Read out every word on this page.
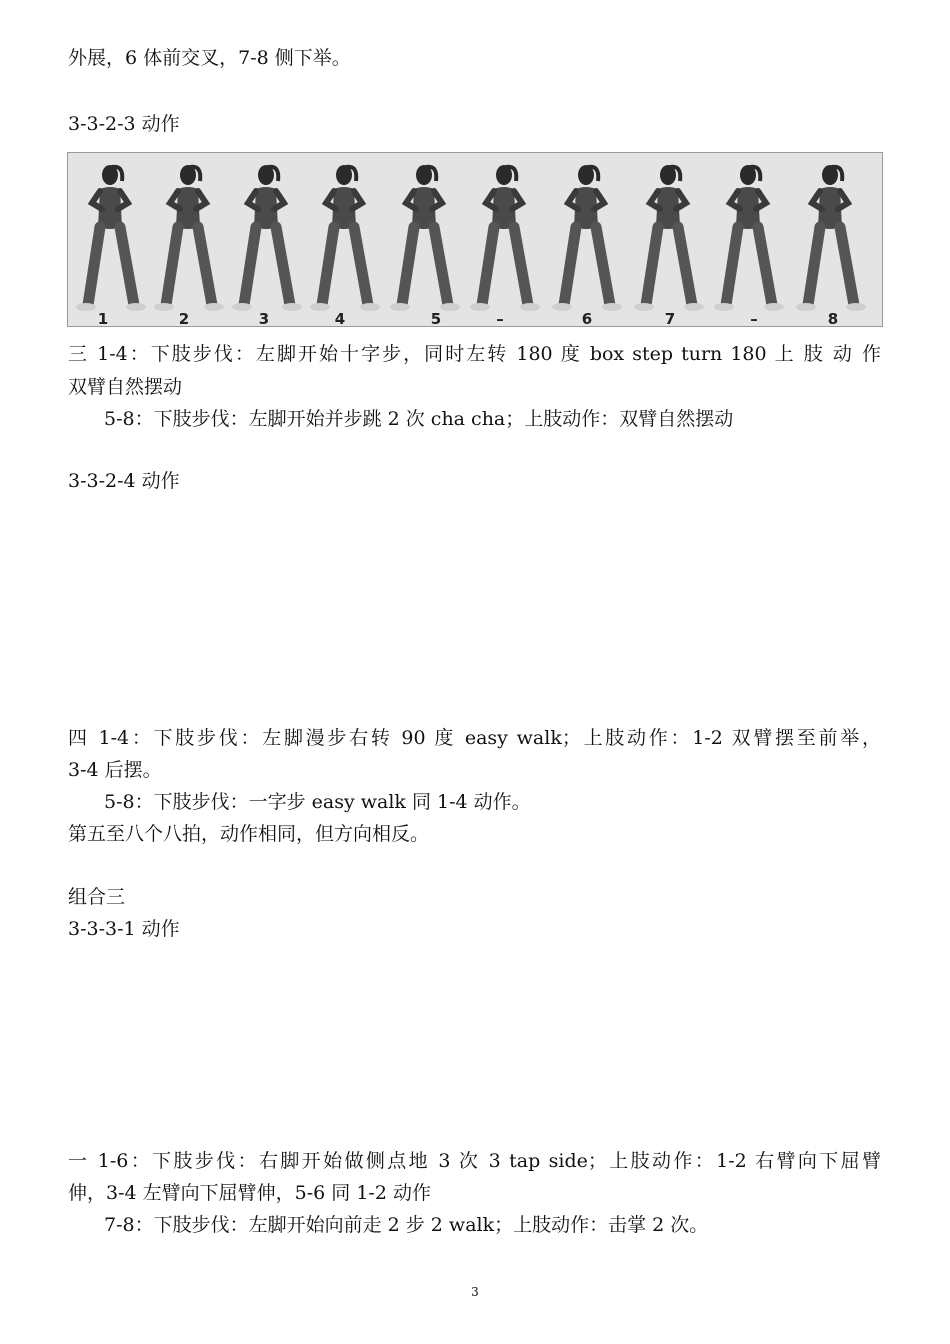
外展，6 体前交叉，7-8 侧下举。
3-3-2-3 动作
1	2	3	4	5	–	6	7	–	8
三 1-4：下肢步伐：左脚开始十字步，同时左转 180 度 box step turn 180 上 肢 动 作
双臂自然摆动
5-8：下肢步伐：左脚开始并步跳 2 次 cha cha；上肢动作：双臂自然摆动
3-3-2-4 动作
四 1-4：下肢步伐：左脚漫步右转 90 度 easy walk；上肢动作：1-2 双臂摆至前举，
3-4 后摆。
5-8：下肢步伐：一字步 easy walk 同 1-4 动作。
第五至八个八拍，动作相同，但方向相反。
组合三
3-3-3-1 动作
一 1-6：下肢步伐：右脚开始做侧点地 3 次 3 tap side；上肢动作：1-2 右臂向下屈臂
伸，3-4 左臂向下屈臂伸，5-6 同 1-2 动作
7-8：下肢步伐：左脚开始向前走 2 步 2 walk；上肢动作：击掌 2 次。
3
